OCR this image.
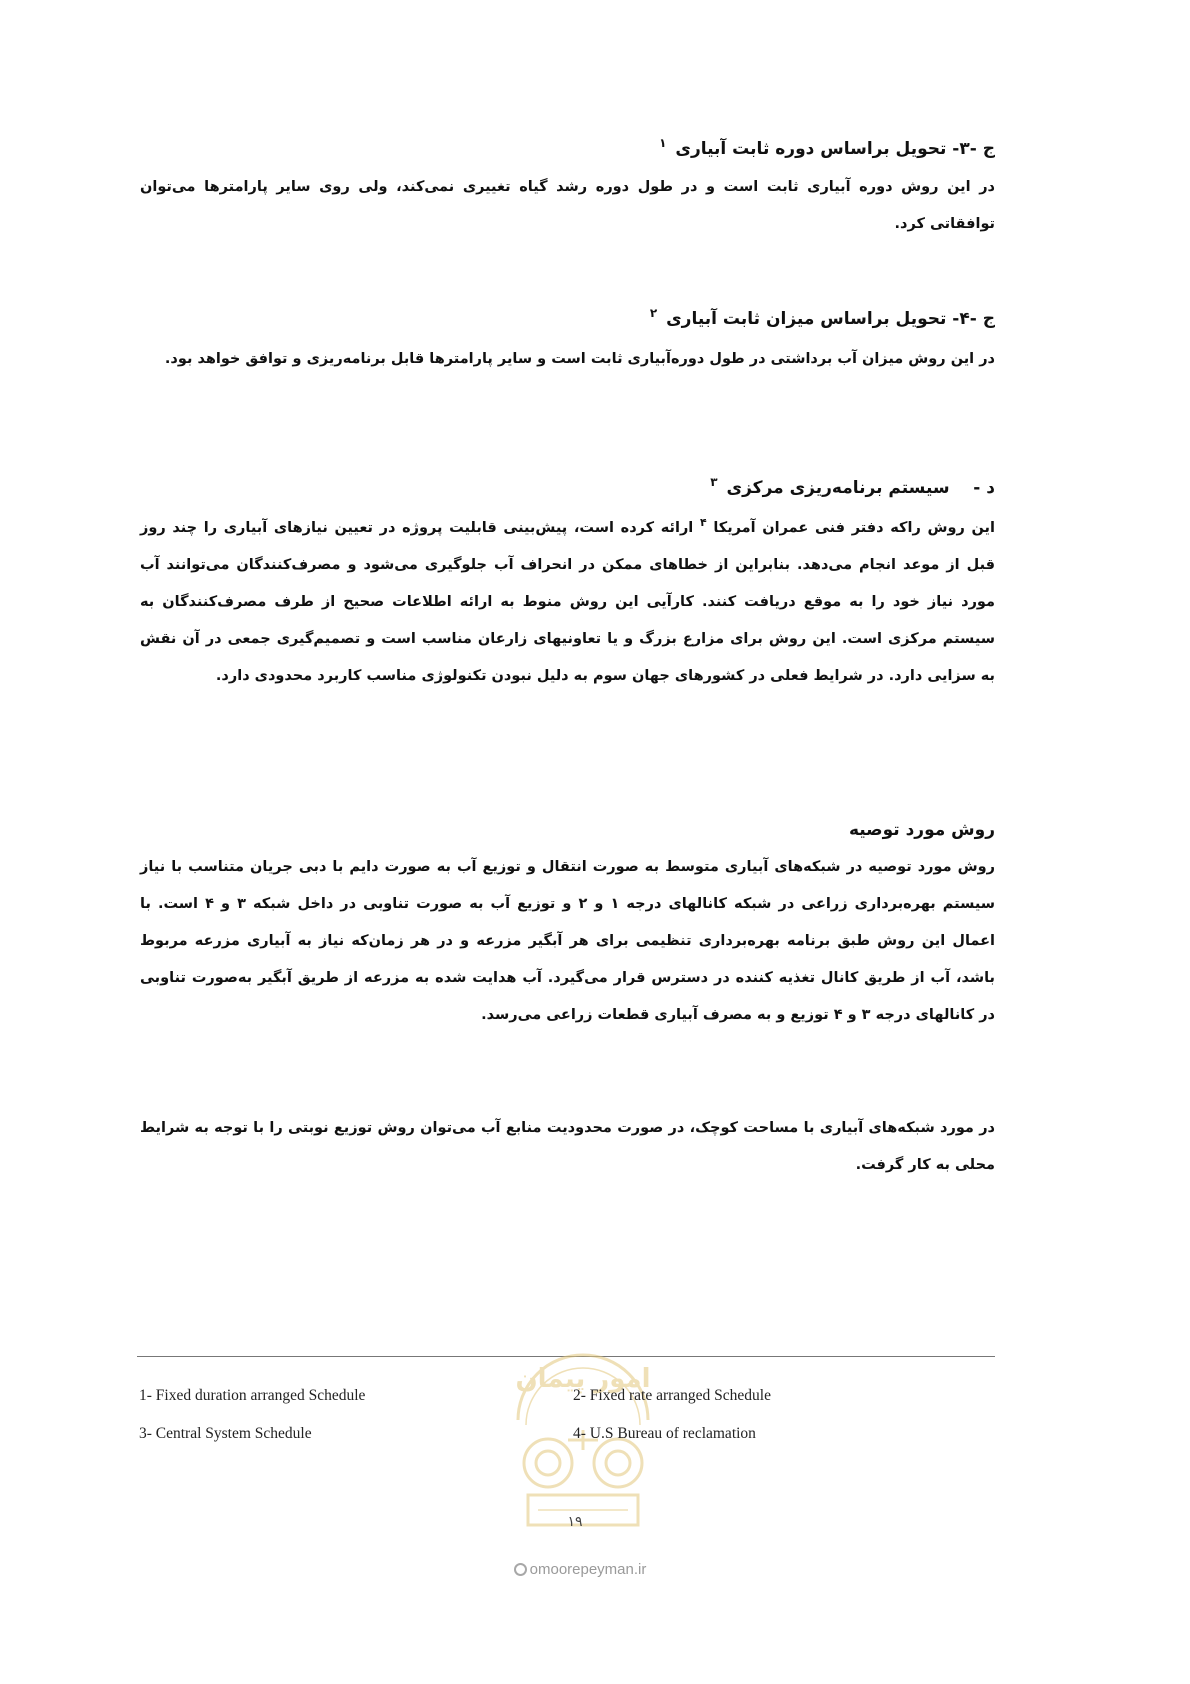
ج -۳- تحویل براساس دوره ثابت آبیاری $^۱$
در این روش دوره آبیاری ثابت است و در طول دوره رشد گیاه تغییری نمی‌کند، ولی روی سایر پارامترها می‌توان توافقاتی کرد.
ج -۴- تحویل براساس میزان ثابت آبیاری $^۲$
در این روش میزان آب برداشتی در طول دوره‌آبیاری ثابت است و سایر پارامترها قابل برنامه‌ریزی و توافق خواهد بود.
د -    سیستم برنامه‌ریزی مرکزی $^۳$
این روش راکه دفتر فنی عمران آمریکا $^۴$ ارائه کرده است، پیش‌بینی قابلیت پروژه در تعیین نیازهای آبیاری را چند روز قبل از موعد انجام می‌دهد. بنابراین از خطاهای ممکن در انحراف آب جلوگیری می‌شود و مصرف‌کنندگان می‌توانند آب مورد نیاز خود را به موقع دریافت کنند. کارآیی این روش منوط به ارائه اطلاعات صحیح از طرف مصرف‌کنندگان به سیستم مرکزی است. این روش برای مزارع بزرگ و یا تعاونیهای زارعان مناسب است و تصمیم‌گیری جمعی در آن نقش به سزایی دارد. در شرایط فعلی در کشورهای جهان سوم به دلیل نبودن تکنولوژی مناسب کاربرد محدودی دارد.
روش مورد توصیه
روش مورد توصیه در شبکه‌های آبیاری متوسط به صورت انتقال و توزیع آب به صورت دایم با دبی جریان متناسب با نیاز سیستم بهره‌برداری زراعی در شبکه کانالهای درجه ۱ و ۲ و توزیع آب به صورت تناوبی در داخل شبکه ۳ و ۴ است. با اعمال این روش طبق برنامه بهره‌برداری تنظیمی برای هر آبگیر مزرعه و در هر زمان‌که نیاز به آبیاری مزرعه مربوط باشد، آب از طریق کانال تغذیه کننده در دسترس قرار می‌گیرد. آب هدایت شده به مزرعه از طریق آبگیر به‌صورت تناوبی در کانالهای درجه ۳ و ۴ توزیع و به مصرف آبیاری قطعات زراعی می‌رسد.
در مورد شبکه‌های آبیاری با مساحت کوچک، در صورت محدودیت منابع آب می‌توان روش توزیع نوبتی را با توجه به شرایط محلی به کار گرفت.
امور پیمان
1- Fixed duration arranged Schedule	2- Fixed rate arranged Schedule
3- Central System Schedule	4- U.S Bureau of reclamation
۱۹
omoorepeyman.ir
